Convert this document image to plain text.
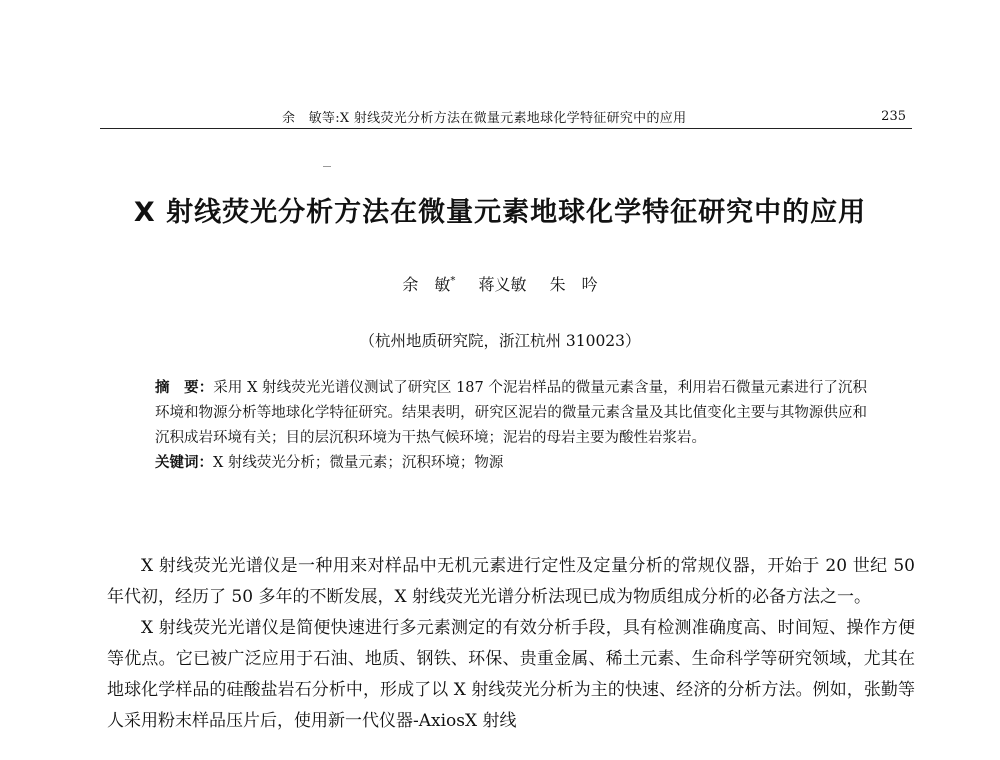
余　敏等:X 射线荧光分析方法在微量元素地球化学特征研究中的应用	235
X 射线荧光分析方法在微量元素地球化学特征研究中的应用
余　敏* 蒋义敏 朱　吟
（杭州地质研究院，浙江杭州 310023）

摘　要：采用 X 射线荧光光谱仪测试了研究区 187 个泥岩样品的微量元素含量，利用岩石微量元素进行了沉积环境和物源分析等地球化学特征研究。结果表明，研究区泥岩的微量元素含量及其比值变化主要与其物源供应和沉积成岩环境有关；目的层沉积环境为干热气候环境；泥岩的母岩主要为酸性岩浆岩。

关键词：X 射线荧光分析；微量元素；沉积环境；物源

X 射线荧光光谱仪是一种用来对样品中无机元素进行定性及定量分析的常规仪器，开始于 20 世纪 50 年代初，经历了 50 多年的不断发展，X 射线荧光光谱分析法现已成为物质组成分析的必备方法之一。

X 射线荧光光谱仪是简便快速进行多元素测定的有效分析手段，具有检测准确度高、时间短、操作方便等优点。它已被广泛应用于石油、地质、钢铁、环保、贵重金属、稀土元素、生命科学等研究领域，尤其在地球化学样品的硅酸盐岩石分析中，形成了以 X 射线荧光分析为主的快速、经济的分析方法。例如，张勤等人采用粉末样品压片后，使用新一代仪器-AxiosX 射线
